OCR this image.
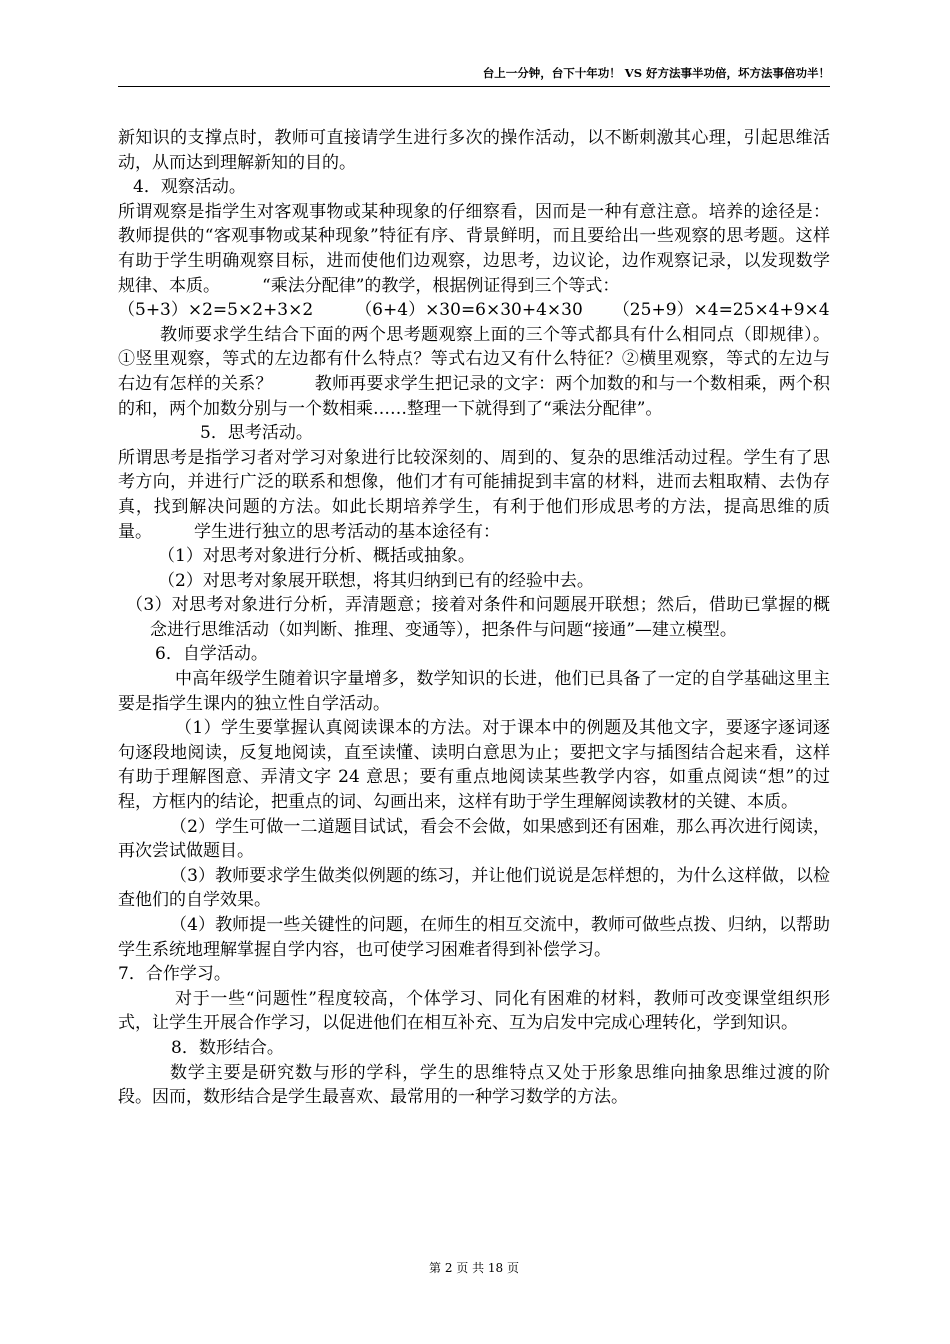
台上一分钟，台下十年功！ VS 好方法事半功倍，坏方法事倍功半！

新知识的支撑点时，教师可直接请学生进行多次的操作活动，以不断刺激其心理，引起思维活动，从而达到理解新知的目的。

4．观察活动。

所谓观察是指学生对客观事物或某种现象的仔细察看，因而是一种有意注意。培养的途径是：教师提供的“客观事物或某种现象”特征有序、背景鲜明，而且要给出一些观察的思考题。这样有助于学生明确观察目标，进而使他们边观察，边思考，边议论，边作观察记录，以发现数学规律、本质。 “乘法分配律”的教学，根据例证得到三个等式：

（5+3）×2=5×2+3×2 （6+4）×30=6×30+4×30 （25+9）×4=25×4+9×4

教师要求学生结合下面的两个思考题观察上面的三个等式都具有什么相同点（即规律）。①竖里观察，等式的左边都有什么特点？等式右边又有什么特征？②横里观察，等式的左边与右边有怎样的关系？ 教师再要求学生把记录的文字：两个加数的和与一个数相乘，两个积的和，两个加数分别与一个数相乘……整理一下就得到了“乘法分配律”。

5．思考活动。

所谓思考是指学习者对学习对象进行比较深刻的、周到的、复杂的思维活动过程。学生有了思考方向，并进行广泛的联系和想像，他们才有可能捕捉到丰富的材料，进而去粗取精、去伪存真，找到解决问题的方法。如此长期培养学生，有利于他们形成思考的方法，提高思维的质量。 学生进行独立的思考活动的基本途径有：

（1）对思考对象进行分析、概括或抽象。

（2）对思考对象展开联想，将其归纳到已有的经验中去。

（3）对思考对象进行分析，弄清题意；接着对条件和问题展开联想；然后，借助已掌握的概念进行思维活动（如判断、推理、变通等），把条件与问题“接通”—建立模型。

6．自学活动。

中高年级学生随着识字量增多，数学知识的长进，他们已具备了一定的自学基础这里主要是指学生课内的独立性自学活动。

（1）学生要掌握认真阅读课本的方法。对于课本中的例题及其他文字，要逐字逐词逐句逐段地阅读，反复地阅读，直至读懂、读明白意思为止；要把文字与插图结合起来看，这样有助于理解图意、弄清文字 24 意思；要有重点地阅读某些教学内容，如重点阅读“想”的过程，方框内的结论，把重点的词、勾画出来，这样有助于学生理解阅读教材的关键、本质。

（2）学生可做一二道题目试试，看会不会做，如果感到还有困难，那么再次进行阅读，再次尝试做题目。

（3）教师要求学生做类似例题的练习，并让他们说说是怎样想的，为什么这样做，以检查他们的自学效果。

（4）教师提一些关键性的问题，在师生的相互交流中，教师可做些点拨、归纳，以帮助学生系统地理解掌握自学内容，也可使学习困难者得到补偿学习。

7．合作学习。

对于一些“问题性”程度较高，个体学习、同化有困难的材料，教师可改变课堂组织形式，让学生开展合作学习，以促进他们在相互补充、互为启发中完成心理转化，学到知识。

8．数形结合。

数学主要是研究数与形的学科，学生的思维特点又处于形象思维向抽象思维过渡的阶段。因而，数形结合是学生最喜欢、最常用的一种学习数学的方法。

第 2 页 共 18 页
